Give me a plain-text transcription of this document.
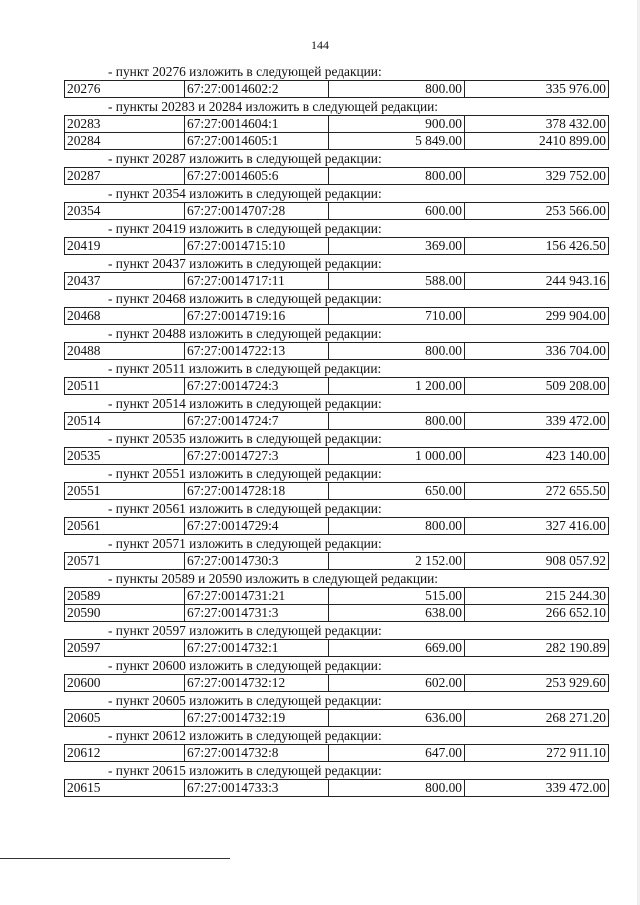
144
- пункт 20276 изложить в следующей редакции:
20276	67:27:0014602:2	800.00	335 976.00
- пункты 20283 и 20284 изложить в следующей редакции:
20283	67:27:0014604:1	900.00	378 432.00
20284	67:27:0014605:1	5 849.00	2410 899.00
- пункт 20287 изложить в следующей редакции:
20287	67:27:0014605:6	800.00	329 752.00
- пункт 20354 изложить в следующей редакции:
20354	67:27:0014707:28	600.00	253 566.00
- пункт 20419 изложить в следующей редакции:
20419	67:27:0014715:10	369.00	156 426.50
- пункт 20437 изложить в следующей редакции:
20437	67:27:0014717:11	588.00	244 943.16
- пункт 20468 изложить в следующей редакции:
20468	67:27:0014719:16	710.00	299 904.00
- пункт 20488 изложить в следующей редакции:
20488	67:27:0014722:13	800.00	336 704.00
- пункт 20511 изложить в следующей редакции:
20511	67:27:0014724:3	1 200.00	509 208.00
- пункт 20514 изложить в следующей редакции:
20514	67:27:0014724:7	800.00	339 472.00
- пункт 20535 изложить в следующей редакции:
20535	67:27:0014727:3	1 000.00	423 140.00
- пункт 20551 изложить в следующей редакции:
20551	67:27:0014728:18	650.00	272 655.50
- пункт 20561 изложить в следующей редакции:
20561	67:27:0014729:4	800.00	327 416.00
- пункт 20571 изложить в следующей редакции:
20571	67:27:0014730:3	2 152.00	908 057.92
- пункты 20589 и 20590 изложить в следующей редакции:
20589	67:27:0014731:21	515.00	215 244.30
20590	67:27:0014731:3	638.00	266 652.10
- пункт 20597 изложить в следующей редакции:
20597	67:27:0014732:1	669.00	282 190.89
- пункт 20600 изложить в следующей редакции:
20600	67:27:0014732:12	602.00	253 929.60
- пункт 20605 изложить в следующей редакции:
20605	67:27:0014732:19	636.00	268 271.20
- пункт 20612 изложить в следующей редакции:
20612	67:27:0014732:8	647.00	272 911.10
- пункт 20615 изложить в следующей редакции:
20615	67:27:0014733:3	800.00	339 472.00
